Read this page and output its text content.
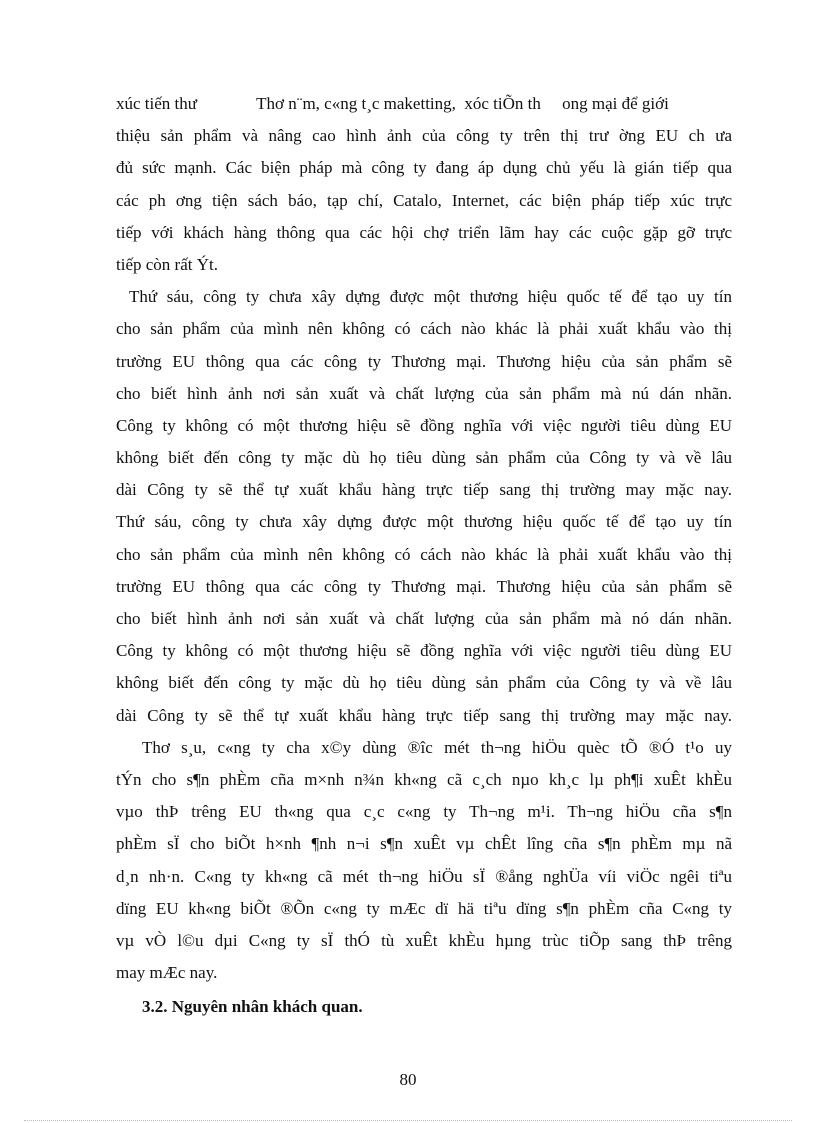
xúc tiến thư              Thơ n¨m, c«ng t¸c maketting,  xóc tiÕn th     ong mại để giới
thiệu sản phẩm và nâng cao hình ảnh của công ty trên thị trư ờng EU ch ưa
đủ sức mạnh. Các biện pháp mà công ty đang áp dụng chủ yếu là gián tiếp qua
các ph ơng tiện sách báo, tạp chí, Catalo, Internet, các biện pháp tiếp xúc trực
tiếp với khách hàng thông qua các hội chợ triển lãm hay các cuộc gặp gỡ trực
tiếp còn rất Ýt.
Thứ sáu, công ty chưa xây dựng được một thương hiệu quốc tế để tạo uy tín
cho sản phẩm của mình nên không có cách nào khác là phải xuất khẩu vào thị
trường EU thông qua các công ty Thương mại. Thương hiệu của sản phẩm sẽ
cho biết hình ảnh nơi sản xuất và chất lượng của sản phẩm mà nú dán nhãn.
Công ty không có một thương hiệu sẽ đồng nghĩa với việc người tiêu dùng EU
không biết đến công ty mặc dù họ tiêu dùng sản phẩm của Công ty và về lâu
dài Công ty sẽ thể tự xuất khẩu hàng trực tiếp sang thị trường may mặc nay.
Thứ sáu, công ty chưa xây dựng được một thương hiệu quốc tế để tạo uy tín
cho sản phẩm của mình nên không có cách nào khác là phải xuất khẩu vào thị
trường EU thông qua các công ty Thương mại. Thương hiệu của sản phẩm sẽ
cho biết hình ảnh nơi sản xuất và chất lượng của sản phẩm mà nó dán nhãn.
Công ty không có một thương hiệu sẽ đồng nghĩa với việc người tiêu dùng EU
không biết đến công ty mặc dù họ tiêu dùng sản phẩm của Công ty và về lâu
dài Công ty sẽ thể tự xuất khẩu hàng trực tiếp sang thị trường may mặc nay.
Thơ s¸u, c«ng ty cha x©y dùng ®îc mét th¬ng hiÖu quèc tÕ ®Ó t¹o uy
tÝn cho s¶n phÈm cña m×nh n¾n kh«ng cã c¸ch nµo kh¸c lµ ph¶i xuÊt khÈu
vµo thÞ trêng EU th«ng qua c¸c c«ng ty Th¬ng m¹i. Th¬ng hiÖu cña s¶n
phÈm sÏ cho biÕt h×nh ¶nh n¬i s¶n xuÊt vµ chÊt lîng cña s¶n phÈm mµ nã
d¸n nh·n. C«ng ty kh«ng cã mét th¬ng hiÖu sÏ ®ång nghÜa víi viÖc ngêi tiªu
dïng EU kh«ng biÕt ®Õn c«ng ty mÆc dï hä tiªu dïng s¶n phÈm cña C«ng ty
vµ vÒ l©u dµi C«ng ty sÏ thÓ tù xuÊt khÈu hµng trùc tiÕp sang thÞ trêng
may mÆc nay.
3.2. Nguyên nhân khách quan.
80
